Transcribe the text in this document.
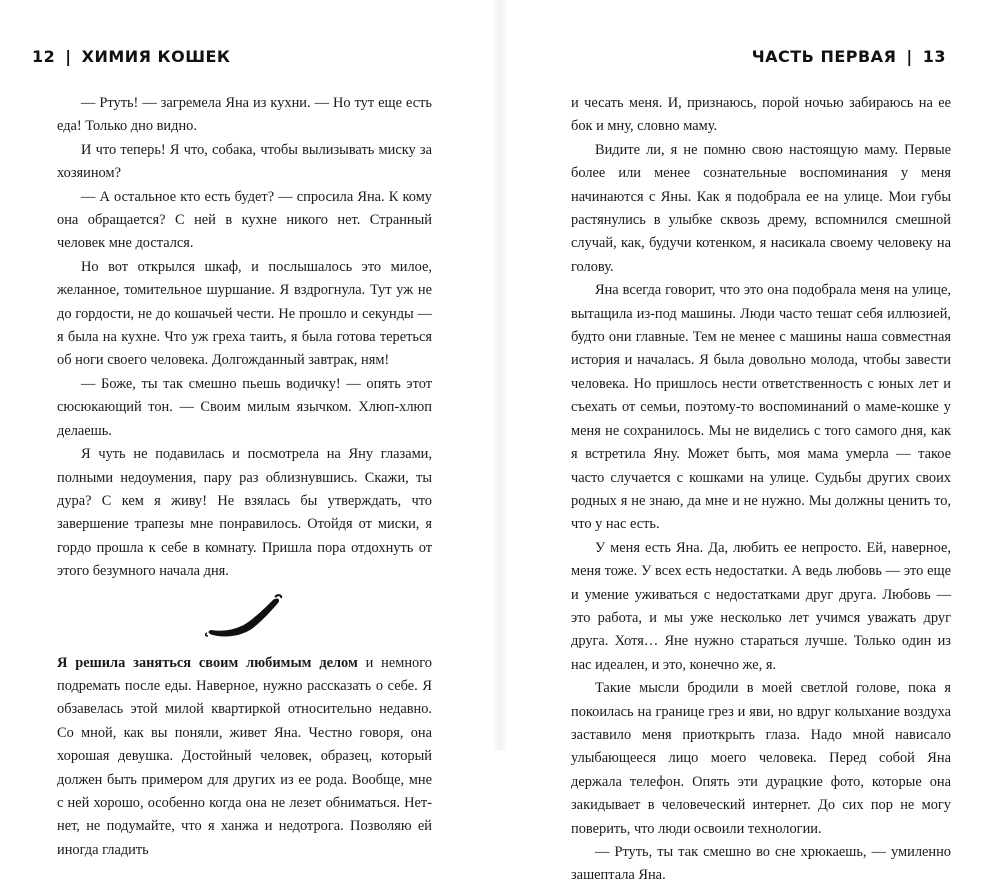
12 | ХИМИЯ КОШЕК

— Ртуть! — загремела Яна из кухни. — Но тут еще есть еда! Только дно видно.

И что теперь! Я что, собака, чтобы вылизывать миску за хозяином?

— А остальное кто есть будет? — спросила Яна. К кому она обращается? С ней в кухне никого нет. Странный человек мне достался.

Но вот открылся шкаф, и послышалось это милое, желанное, томительное шуршание. Я вздрогнула. Тут уж не до гордости, не до кошачьей чести. Не прошло и секунды — я была на кухне. Что уж греха таить, я была готова тереться об ноги своего человека. Долгожданный завтрак, ням!

— Боже, ты так смешно пьешь водичку! — опять этот сюсюкающий тон. — Своим милым язычком. Хлюп-хлюп делаешь.

Я чуть не подавилась и посмотрела на Яну глазами, полными недоумения, пару раз облизнувшись. Скажи, ты дура? С кем я живу! Не взялась бы утверждать, что завершение трапезы мне понравилось. Отойдя от миски, я гордо прошла к себе в комнату. Пришла пора отдохнуть от этого безумного начала дня.

Я решила заняться своим любимым делом и немного подремать после еды. Наверное, нужно рассказать о себе. Я обзавелась этой милой квартиркой относительно недавно. Со мной, как вы поняли, живет Яна. Честно говоря, она хорошая девушка. Достойный человек, образец, который должен быть примером для других из ее рода. Вообще, мне с ней хорошо, особенно когда она не лезет обниматься. Нет-нет, не подумайте, что я ханжа и недотрога. Позволяю ей иногда гладить

ЧАСТЬ ПЕРВАЯ | 13

и чесать меня. И, признаюсь, порой ночью забираюсь на ее бок и мну, словно маму.

Видите ли, я не помню свою настоящую маму. Первые более или менее сознательные воспоминания у меня начинаются с Яны. Как я подобрала ее на улице. Мои губы растянулись в улыбке сквозь дрему, вспомнился смешной случай, как, будучи котенком, я насикала своему человеку на голову.

Яна всегда говорит, что это она подобрала меня на улице, вытащила из-под машины. Люди часто тешат себя иллюзией, будто они главные. Тем не менее с машины наша совместная история и началась. Я была довольно молода, чтобы завести человека. Но пришлось нести ответственность с юных лет и съехать от семьи, поэтому-то воспоминаний о маме-кошке у меня не сохранилось. Мы не виделись с того самого дня, как я встретила Яну. Может быть, моя мама умерла — такое часто случается с кошками на улице. Судьбы других своих родных я не знаю, да мне и не нужно. Мы должны ценить то, что у нас есть.

У меня есть Яна. Да, любить ее непросто. Ей, наверное, меня тоже. У всех есть недостатки. А ведь любовь — это еще и умение уживаться с недостатками друг друга. Любовь — это работа, и мы уже несколько лет учимся уважать друг друга. Хотя… Яне нужно стараться лучше. Только один из нас идеален, и это, конечно же, я.

Такие мысли бродили в моей светлой голове, пока я покоилась на границе грез и яви, но вдруг колыхание воздуха заставило меня приоткрыть глаза. Надо мной нависало улыбающееся лицо моего человека. Перед собой Яна держала телефон. Опять эти дурацкие фото, которые она закидывает в человеческий интернет. До сих пор не могу поверить, что люди освоили технологии.

— Ртуть, ты так смешно во сне хрюкаешь, — умиленно зашептала Яна.
